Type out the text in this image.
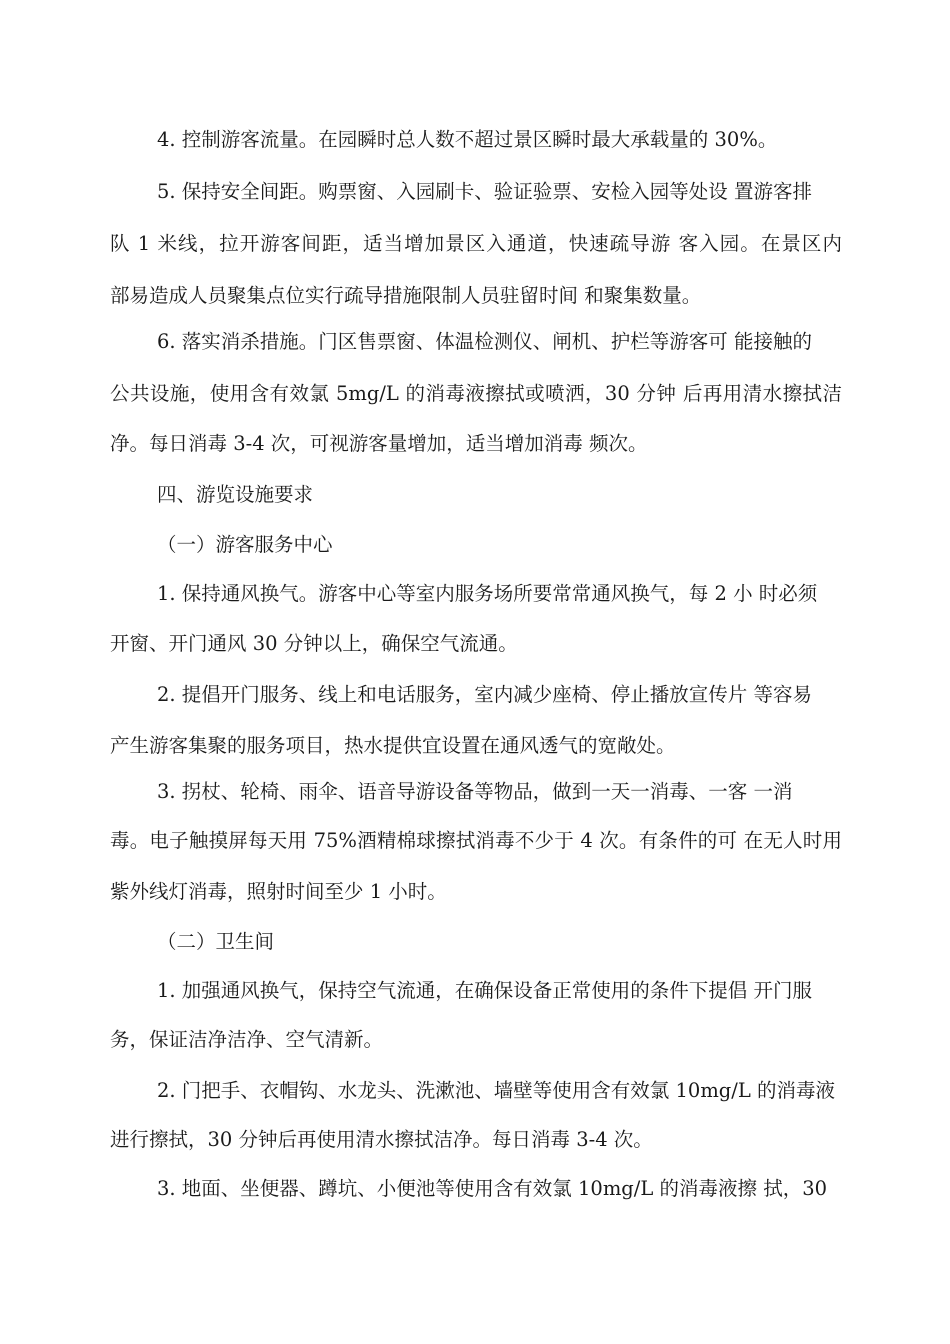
4. 控制游客流量。在园瞬时总人数不超过景区瞬时最大承载量的 30%。
5. 保持安全间距。购票窗、入园刷卡、验证验票、安检入园等处设 置游客排
队 1 米线，拉开游客间距，适当增加景区入通道，快速疏导游 客入园。在景区内
部易造成人员聚集点位实行疏导措施限制人员驻留时间 和聚集数量。
6. 落实消杀措施。门区售票窗、体温检测仪、闸机、护栏等游客可 能接触的
公共设施，使用含有效氯 5mg/L 的消毒液擦拭或喷洒，30 分钟 后再用清水擦拭洁
净。每日消毒 3-4 次，可视游客量增加，适当增加消毒 频次。
四、游览设施要求
（一）游客服务中心
1. 保持通风换气。游客中心等室内服务场所要常常通风换气，每 2 小 时必须
开窗、开门通风 30 分钟以上，确保空气流通。
2. 提倡开门服务、线上和电话服务，室内减少座椅、停止播放宣传片 等容易
产生游客集聚的服务项目，热水提供宜设置在通风透气的宽敞处。
3. 拐杖、轮椅、雨伞、语音导游设备等物品，做到一天一消毒、一客 一消
毒。电子触摸屏每天用 75%酒精棉球擦拭消毒不少于 4 次。有条件的可 在无人时用
紫外线灯消毒，照射时间至少 1 小时。
（二）卫生间
1. 加强通风换气，保持空气流通，在确保设备正常使用的条件下提倡 开门服
务，保证洁净洁净、空气清新。
2. 门把手、衣帽钩、水龙头、洗漱池、墙壁等使用含有效氯 10mg/L 的消毒液
进行擦拭，30 分钟后再使用清水擦拭洁净。每日消毒 3-4 次。
3. 地面、坐便器、蹲坑、小便池等使用含有效氯 10mg/L 的消毒液擦 拭，30
